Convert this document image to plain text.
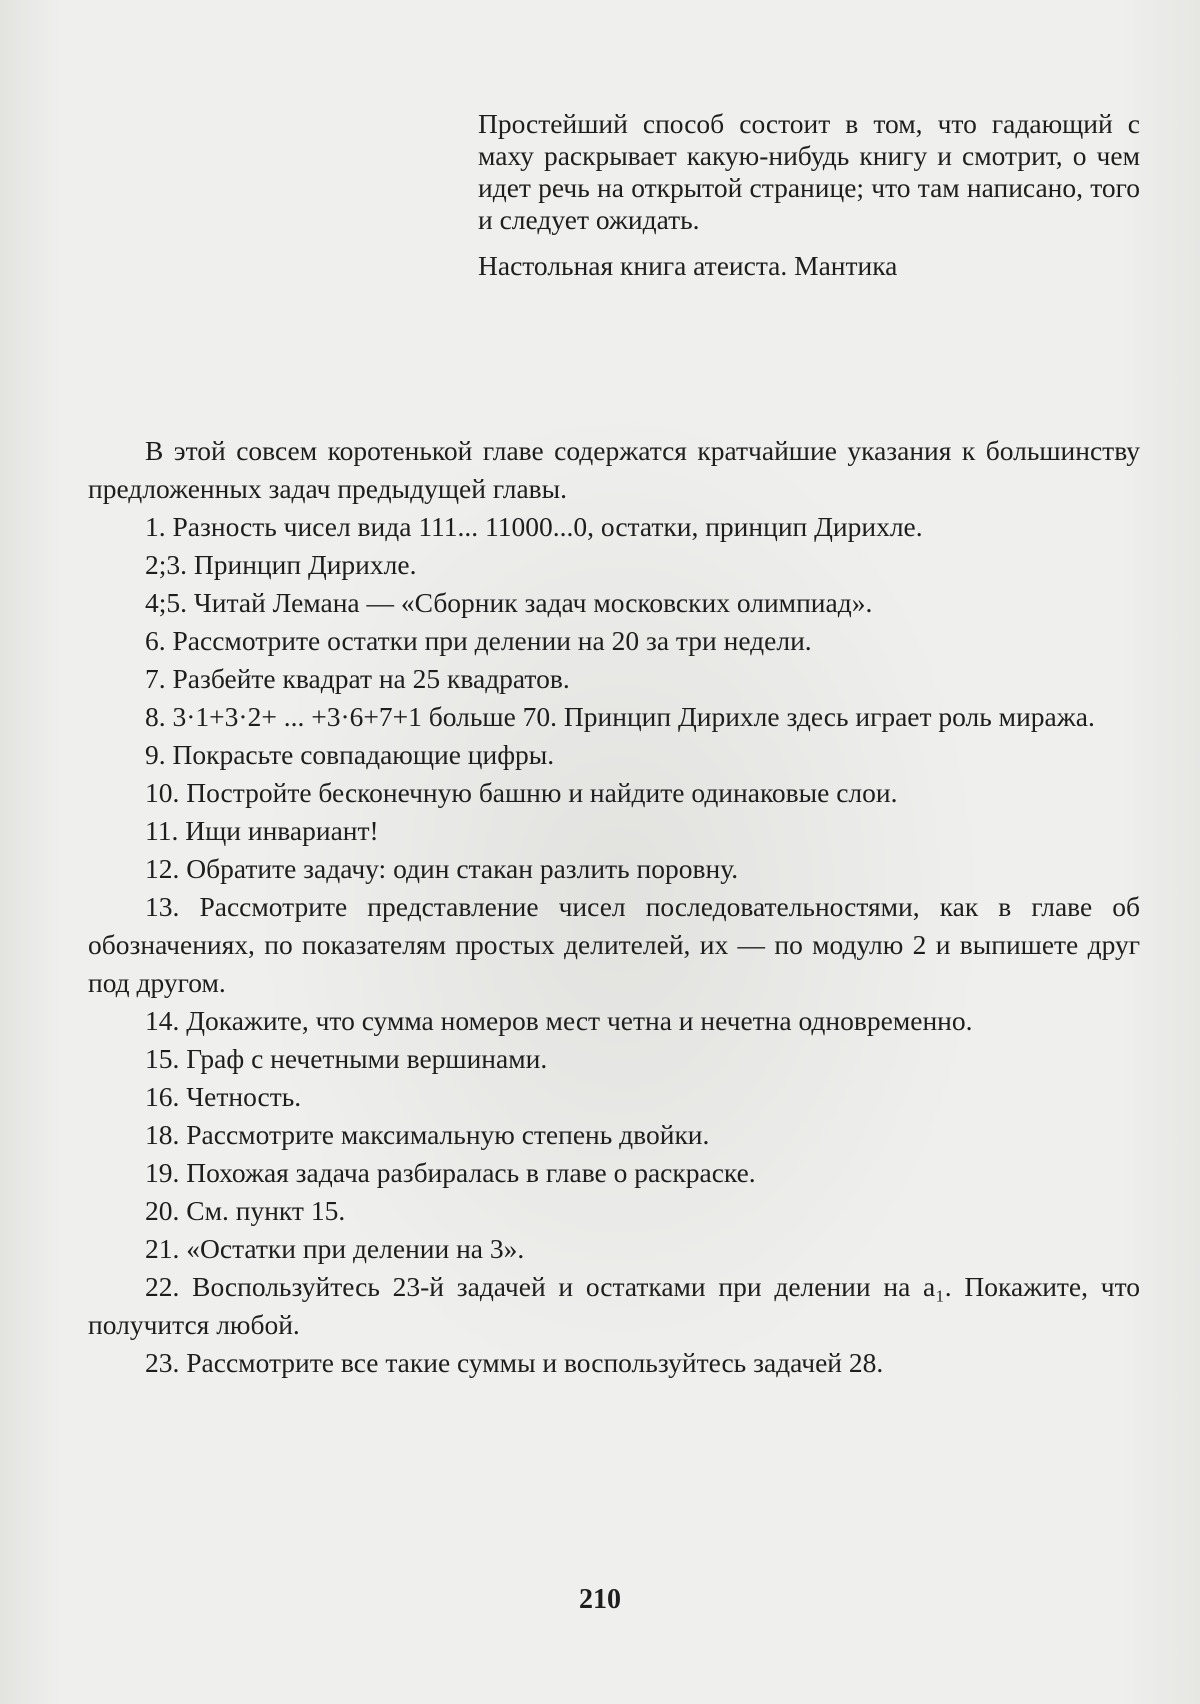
Простейший способ состоит в том, что гадающий с маху раскрывает какую-нибудь книгу и смотрит, о чем идет речь на открытой странице; что там написано, того и следует ожидать.

Настольная книга атеиста. Мантика

В этой совсем коротенькой главе содержатся кратчайшие указания к большинству предложенных задач предыдущей главы.

1. Разность чисел вида 111... 11000...0, остатки, принцип Дирихле.

2;3. Принцип Дирихле.

4;5. Читай Лемана — «Сборник задач московских олимпиад».

6. Рассмотрите остатки при делении на 20 за три недели.

7. Разбейте квадрат на 25 квадратов.

8. 3·1+3·2+ ... +3·6+7+1 больше 70. Принцип Дирихле здесь играет роль миража.

9. Покрасьте совпадающие цифры.

10. Постройте бесконечную башню и найдите одинаковые слои.

11. Ищи инвариант!

12. Обратите задачу: один стакан разлить поровну.

13. Рассмотрите представление чисел последовательностями, как в главе об обозначениях, по показателям простых делителей, их — по модулю 2 и выпишете друг под другом.

14. Докажите, что сумма номеров мест четна и нечетна одновременно.

15. Граф с нечетными вершинами.

16. Четность.

18. Рассмотрите максимальную степень двойки.

19. Похожая задача разбиралась в главе о раскраске.

20. См. пункт 15.

21. «Остатки при делении на 3».

22. Воспользуйтесь 23-й задачей и остатками при делении на a₁. Покажите, что получится любой.

23. Рассмотрите все такие суммы и воспользуйтесь задачей 28.

210
